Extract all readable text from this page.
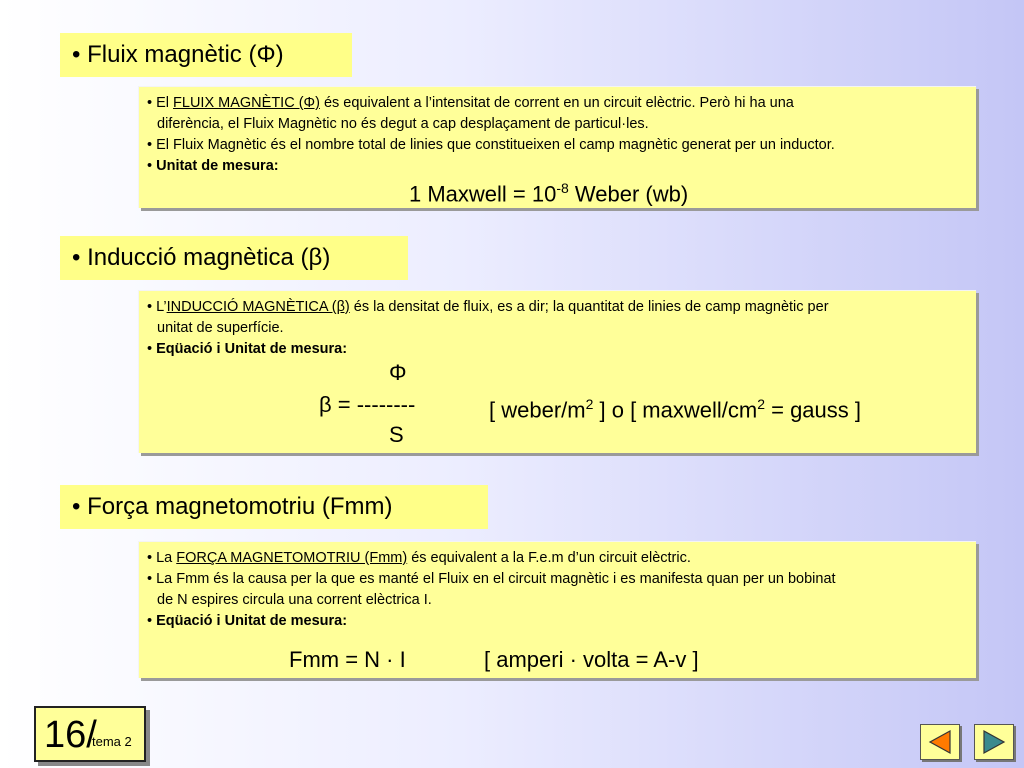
• Fluix magnètic (Φ)
• El FLUIX MAGNÈTIC (Φ) és equivalent a l’intensitat de corrent en un circuit elèctric. Però hi ha una
diferència, el Fluix Magnètic no és degut a cap desplaçament de particul·les.
• El Fluix Magnètic és el nombre total de linies que constitueixen el camp magnètic generat per un inductor.
• Unitat de mesura:
1 Maxwell = $10^{-8}$ Weber (wb)
• Inducció magnètica (β)
• L’INDUCCIÓ MAGNÈTICA (β) és la densitat de fluix, es a dir; la quantitat de linies de camp magnètic per
unitat de superfície.
• Eqüació i Unitat de mesura:
Φ
β = --------
S
[ weber/$m^2$ ] o [ maxwell/$cm^2$ = gauss ]
• Força magnetomotriu (Fmm)
• La FORÇA MAGNETOMOTRIU (Fmm) és equivalent a la F.e.m d’un circuit elèctric.
• La Fmm és la causa per la que es manté el Fluix en el circuit magnètic i es manifesta quan per un bobinat
de N espires circula una corrent elèctrica I.
• Eqüació i Unitat de mesura:
Fmm = N · I	[ amperi · volta = A-v ]
16/
tema 2
